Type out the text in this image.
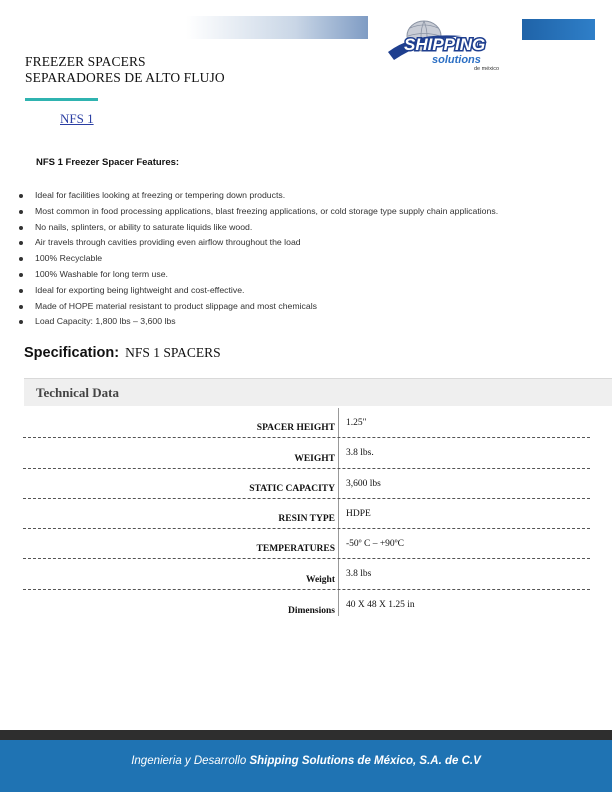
SHIPPING
solutions
de méxico
FREEZER SPACERS
SEPARADORES DE ALTO FLUJO
NFS 1
NFS 1 Freezer Spacer Features:
Ideal for facilities looking at freezing or tempering down products.
Most common in food processing applications, blast freezing applications, or cold storage type supply chain applications.
No nails, splinters, or ability to saturate liquids like wood.
Air travels through cavities providing even airflow throughout the load
100% Recyclable
100% Washable for long term use.
Ideal for exporting being lightweight and cost-effective.
Made of HOPE material resistant to product slippage and most chemicals
Load Capacity: 1,800 lbs – 3,600 lbs
Specification: NFS 1 SPACERS
Technical Data
SPACER HEIGHT
1.25"
WEIGHT
3.8 lbs.
STATIC CAPACITY
3,600 lbs
RESIN TYPE
HDPE
TEMPERATURES
-50º C – +90ºC
Weight
3.8 lbs
Dimensions
40 X 48 X 1.25 in
Ingenieria y Desarrollo Shipping Solutions de México, S.A. de C.V
